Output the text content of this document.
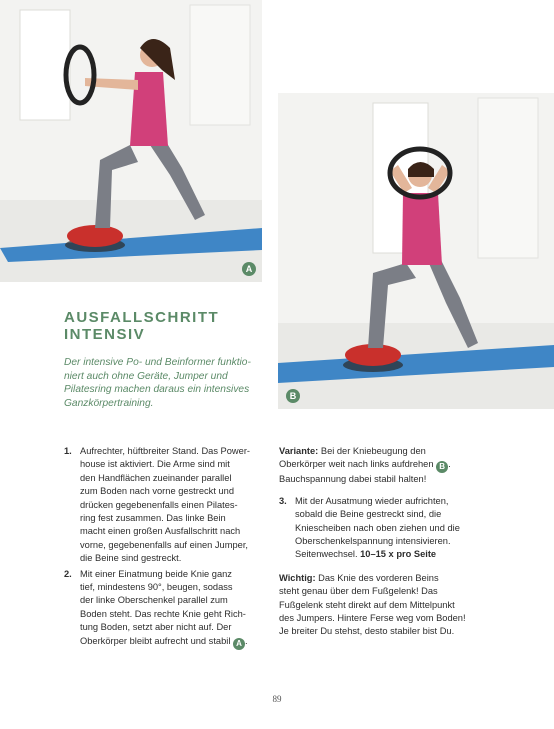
A
B
AUSFALLSCHRITT
INTENSIV
Der intensive Po- und Beinformer funktio-
niert auch ohne Geräte, Jumper und
Pilatesring machen daraus ein intensives
Ganzkörpertraining.
1. Aufrechter, hüftbreiter Stand. Das Power-
house ist aktiviert. Die Arme sind mit
den Handflächen zueinander parallel
zum Boden nach vorne gestreckt und
drücken gegebenenfalls einen Pilates-
ring fest zusammen. Das linke Bein
macht einen großen Ausfallschritt nach
vorne, gegebenenfalls auf einen Jumper,
die Beine sind gestreckt.
2. Mit einer Einatmung beide Knie ganz
tief, mindestens 90°, beugen, sodass
der linke Oberschenkel parallel zum
Boden steht. Das rechte Knie geht Rich-
tung Boden, setzt aber nicht auf. Der
Oberkörper bleibt aufrecht und stabil A .
Variante: Bei der Kniebeugung den
Oberkörper weit nach links aufdrehen B .
Bauchspannung dabei stabil halten!
3. Mit der Ausatmung wieder aufrichten,
sobald die Beine gestreckt sind, die
Kniescheiben nach oben ziehen und die
Oberschenkelspannung intensivieren.
Seitenwechsel. 10–15 x pro Seite
Wichtig: Das Knie des vorderen Beins
steht genau über dem Fußgelenk! Das
Fußgelenk steht direkt auf dem Mittelpunkt
des Jumpers. Hintere Ferse weg vom Boden!
Je breiter Du stehst, desto stabiler bist Du.
89
